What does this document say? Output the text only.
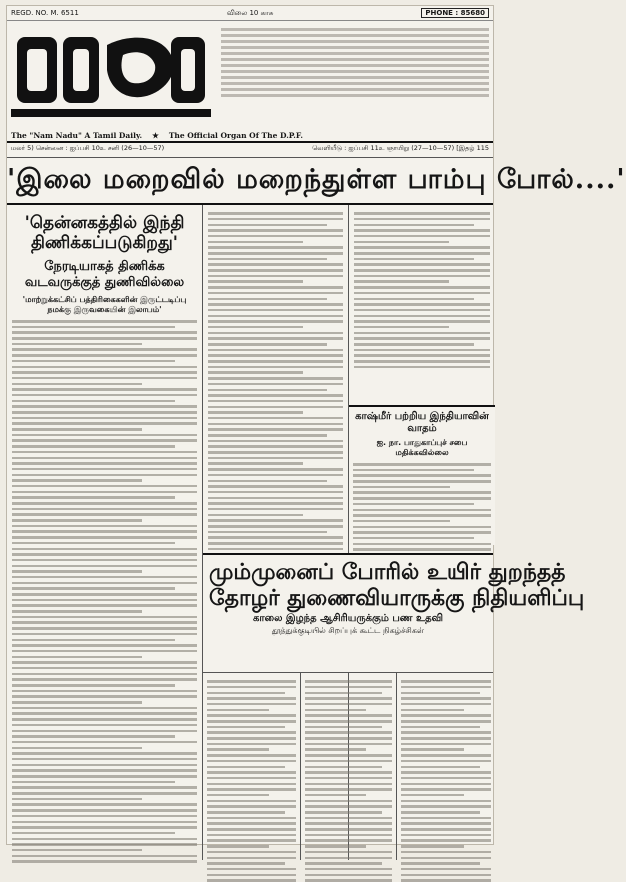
REGD. NO. M. 6511	விலை 10 காசு	PHONE : 85680
The "Nam Nadu" A Tamil Daily. ★ The Official Organ Of The D.P.F.
மலர் 5) சென்னை : ஐப்பசி 10உ சனி (26—10—57)	வெளியீடு : ஐப்பசி 11உ ஞாயிறு (27—10—57) [இதழ் 115
'இலை மறைவில் மறைந்துள்ள பாம்பு போல்....'
'தென்னகத்தில் இந்தி திணிக்கப்படுகிறது'
நேரடியாகத் திணிக்க வடவருக்குத் துணிவில்லை
'மாற்றுக்கட்சிப் பத்திரிகைகளின் இருட்டடிப்பு நமக்கு இருவகையின் இலாபம்'
காஷ்மீர் பற்றிய இந்தியாவின் வாதம்
ஐ. நா. பாதுகாப்புச் சபை மதிக்கவில்லை
மும்முனைப் போரில் உயிர் துறந்தத்
தோழர் துணைவியாருக்கு நிதியளிப்பு
காலை இழந்த ஆசிரியருக்கும் பண உதவி
தூத்துக்குடியில் சிறப்புக் கூட்ட நிகழ்ச்சிகள்
